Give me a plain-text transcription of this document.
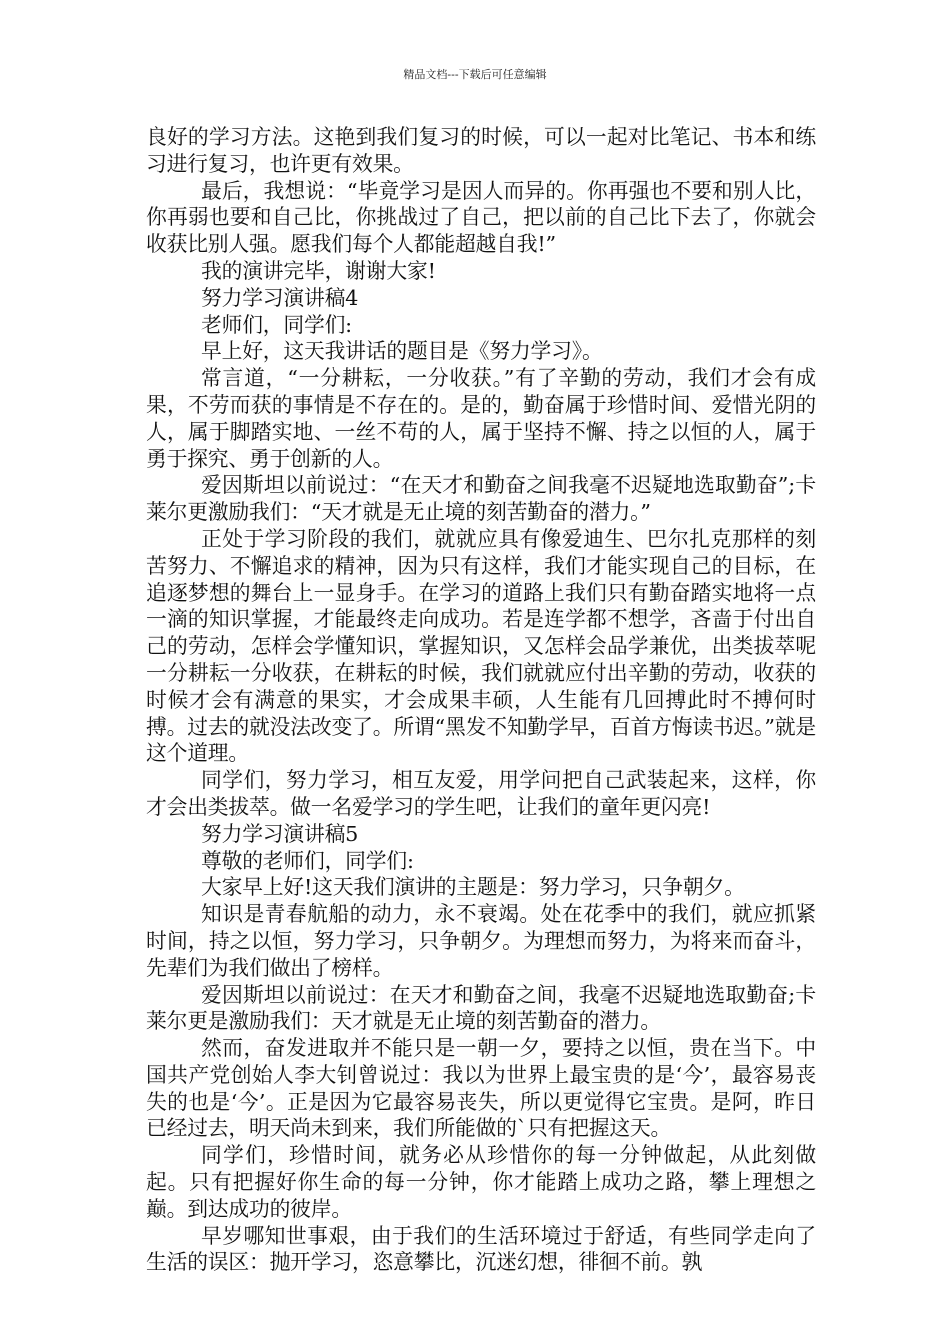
精品文档---下载后可任意编辑

良好的学习方法。这艳到我们复习的时候，可以一起对比笔记、书本和练习进行复习，也许更有效果。

最后，我想说：“毕竟学习是因人而异的。你再强也不要和别人比，你再弱也要和自己比，你挑战过了自己，把以前的自己比下去了，你就会收获比别人强。愿我们每个人都能超越自我!”

我的演讲完毕，谢谢大家!

努力学习演讲稿4

老师们，同学们:

早上好，这天我讲话的题目是《努力学习》。

常言道，“一分耕耘，一分收获。”有了辛勤的劳动，我们才会有成果，不劳而获的事情是不存在的。是的，勤奋属于珍惜时间、爱惜光阴的人，属于脚踏实地、一丝不苟的人，属于坚持不懈、持之以恒的人，属于勇于探究、勇于创新的人。

爱因斯坦以前说过：“在天才和勤奋之间我毫不迟疑地选取勤奋”;卡莱尔更激励我们：“天才就是无止境的刻苦勤奋的潜力。”

正处于学习阶段的我们，就就应具有像爱迪生、巴尔扎克那样的刻苦努力、不懈追求的精神，因为只有这样，我们才能实现自己的目标，在追逐梦想的舞台上一显身手。在学习的道路上我们只有勤奋踏实地将一点一滴的知识掌握，才能最终走向成功。若是连学都不想学，吝啬于付出自己的劳动，怎样会学懂知识，掌握知识，又怎样会品学兼优，出类拔萃呢一分耕耘一分收获，在耕耘的时候，我们就就应付出辛勤的劳动，收获的时候才会有满意的果实，才会成果丰硕，人生能有几回搏此时不搏何时搏。过去的就没法改变了。所谓“黑发不知勤学早，百首方悔读书迟。”就是这个道理。

同学们，努力学习，相互友爱，用学问把自己武装起来，这样，你才会出类拔萃。做一名爱学习的学生吧，让我们的童年更闪亮!

努力学习演讲稿5

尊敬的老师们，同学们:

大家早上好!这天我们演讲的主题是：努力学习，只争朝夕。

知识是青春航船的动力，永不衰竭。处在花季中的我们，就应抓紧时间，持之以恒，努力学习，只争朝夕。为理想而努力，为将来而奋斗，先辈们为我们做出了榜样。

爱因斯坦以前说过：在天才和勤奋之间，我毫不迟疑地选取勤奋;卡莱尔更是激励我们：天才就是无止境的刻苦勤奋的潜力。

然而，奋发进取并不能只是一朝一夕，要持之以恒，贵在当下。中国共产党创始人李大钊曾说过：我以为世界上最宝贵的是‘今’，最容易丧失的也是‘今’。正是因为它最容易丧失，所以更觉得它宝贵。是阿，昨日已经过去，明天尚未到来，我们所能做的`只有把握这天。

同学们，珍惜时间，就务必从珍惜你的每一分钟做起，从此刻做起。只有把握好你生命的每一分钟，你才能踏上成功之路，攀上理想之巅。到达成功的彼岸。

早岁哪知世事艰，由于我们的生活环境过于舒适，有些同学走向了生活的误区：抛开学习，恣意攀比，沉迷幻想，徘徊不前。孰
